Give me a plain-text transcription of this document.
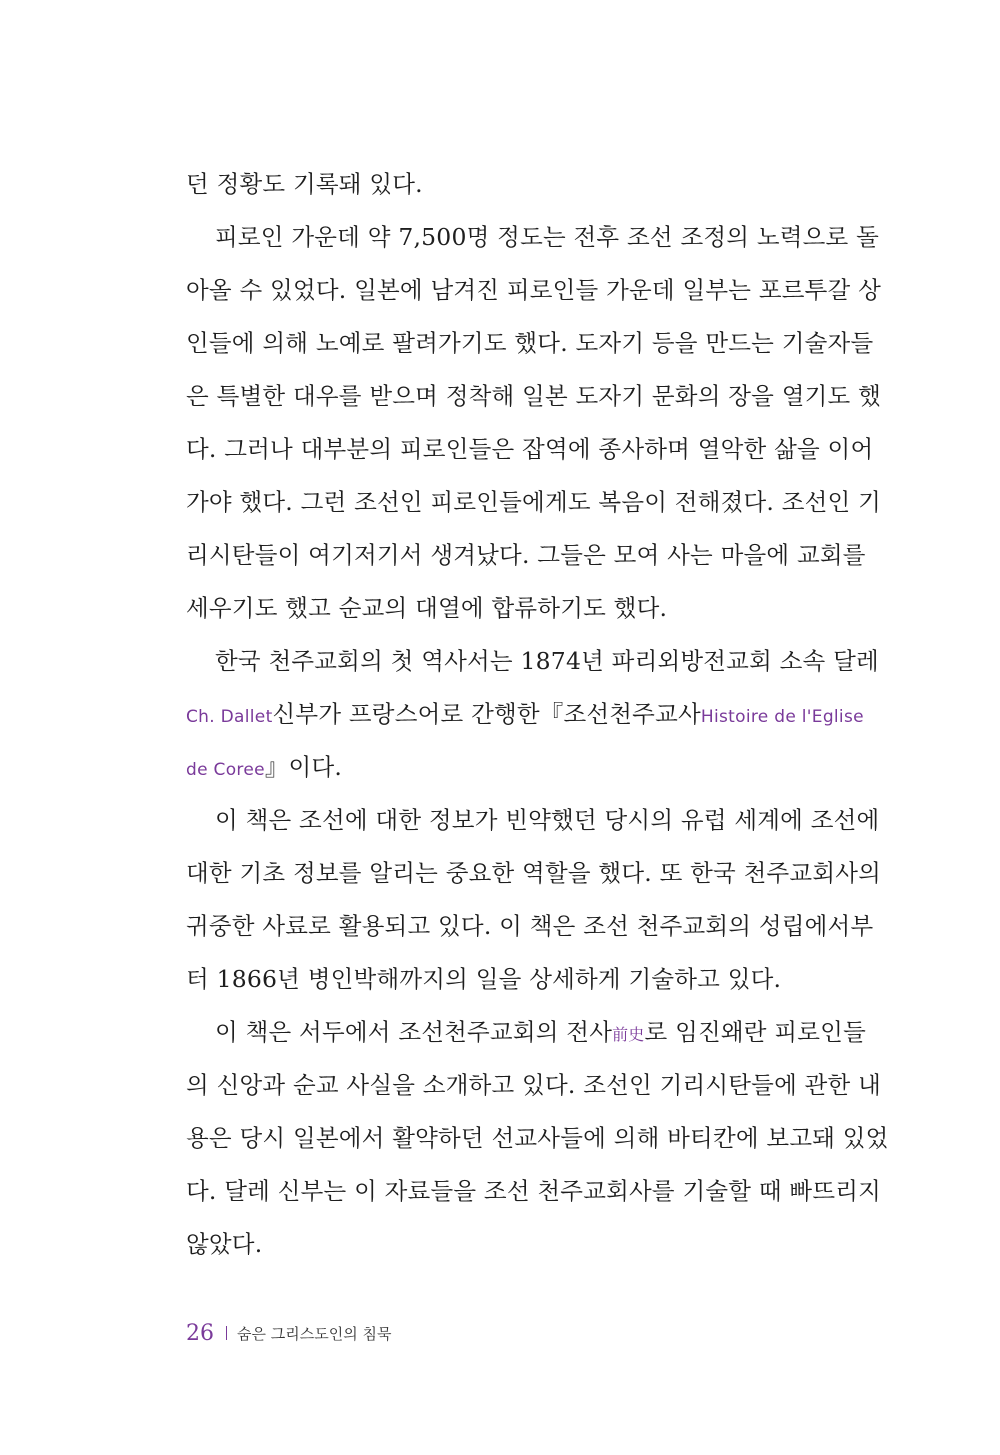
던 정황도 기록돼 있다.
피로인 가운데 약 7,500명 정도는 전후 조선 조정의 노력으로 돌
아올 수 있었다. 일본에 남겨진 피로인들 가운데 일부는 포르투갈 상
인들에 의해 노예로 팔려가기도 했다. 도자기 등을 만드는 기술자들
은 특별한 대우를 받으며 정착해 일본 도자기 문화의 장을 열기도 했
다. 그러나 대부분의 피로인들은 잡역에 종사하며 열악한 삶을 이어
가야 했다. 그런 조선인 피로인들에게도 복음이 전해졌다. 조선인 기
리시탄들이 여기저기서 생겨났다. 그들은 모여 사는 마을에 교회를
세우기도 했고 순교의 대열에 합류하기도 했다.
한국 천주교회의 첫 역사서는 1874년 파리외방전교회 소속 달레
Ch. Dallet신부가 프랑스어로 간행한『조선천주교사Histoire de l'Eglise
de Coree』이다.
이 책은 조선에 대한 정보가 빈약했던 당시의 유럽 세계에 조선에
대한 기초 정보를 알리는 중요한 역할을 했다. 또 한국 천주교회사의
귀중한 사료로 활용되고 있다. 이 책은 조선 천주교회의 성립에서부
터 1866년 병인박해까지의 일을 상세하게 기술하고 있다.
이 책은 서두에서 조선천주교회의 전사前史로 임진왜란 피로인들
의 신앙과 순교 사실을 소개하고 있다. 조선인 기리시탄들에 관한 내
용은 당시 일본에서 활약하던 선교사들에 의해 바티칸에 보고돼 있었
다. 달레 신부는 이 자료들을 조선 천주교회사를 기술할 때 빠뜨리지
않았다.
26 숨은 그리스도인의 침묵
